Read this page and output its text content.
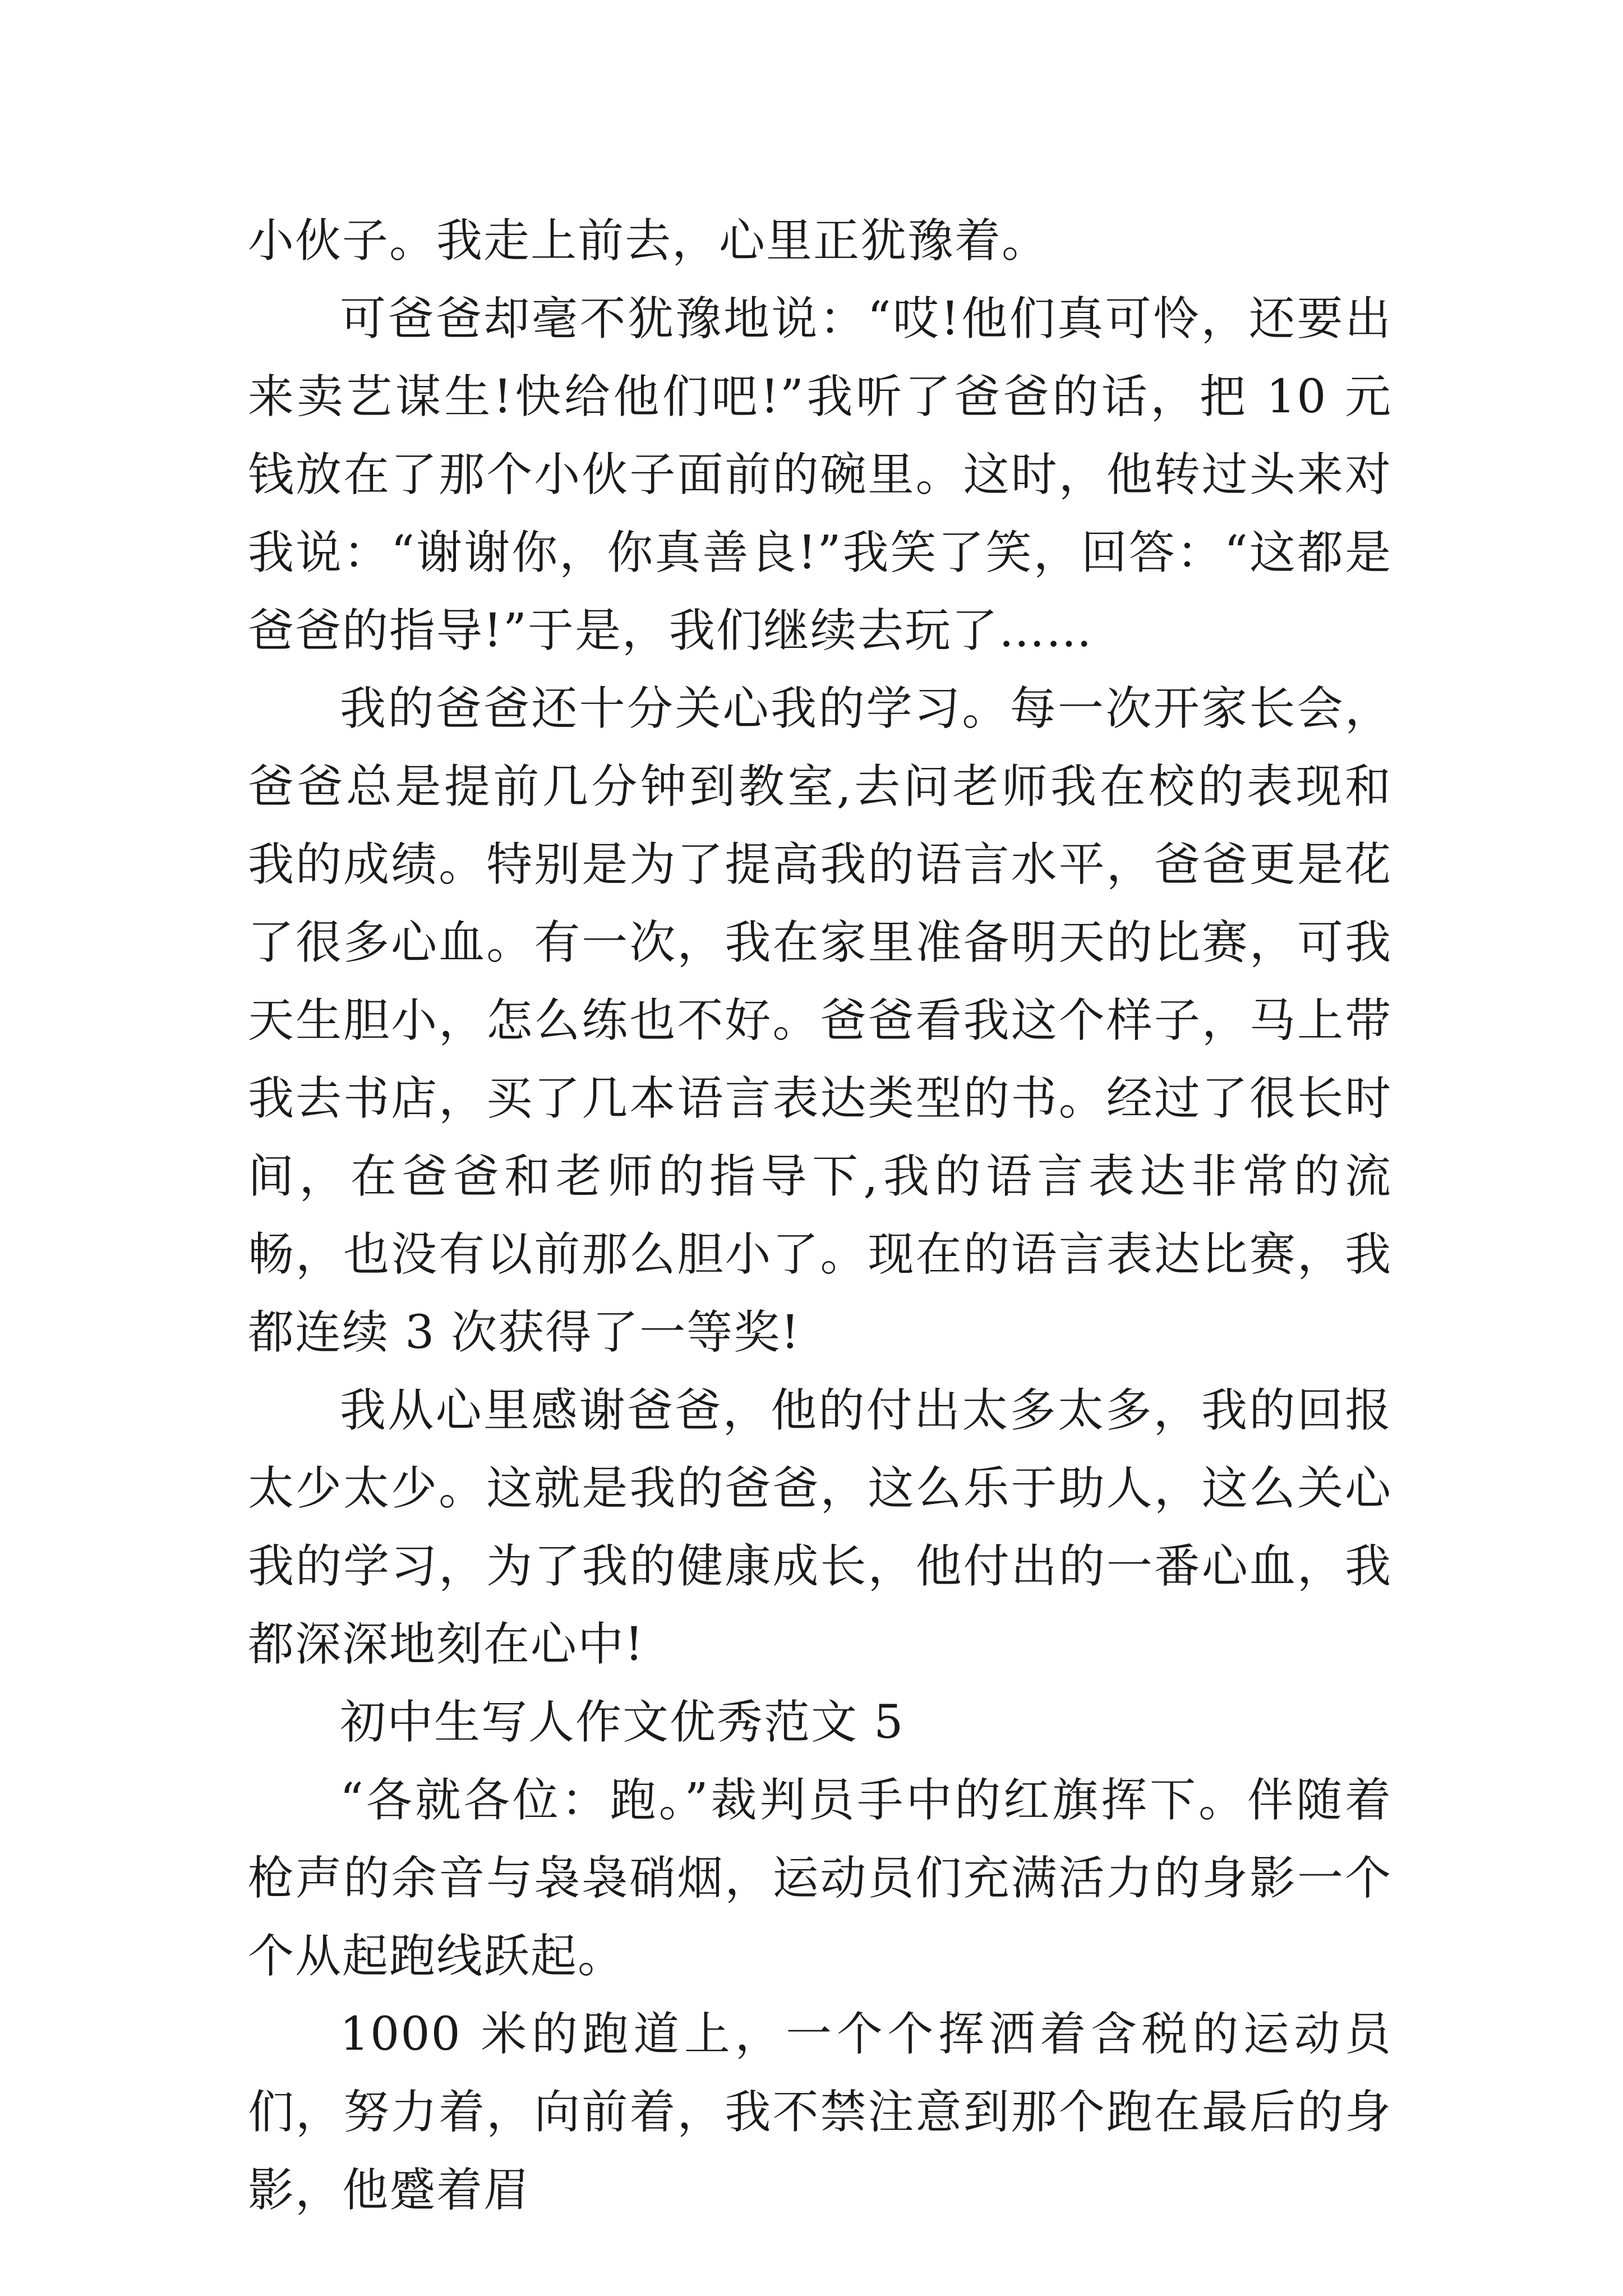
小伙子。我走上前去，心里正犹豫着。

可爸爸却毫不犹豫地说：“哎!他们真可怜，还要出来卖艺谋生!快给他们吧!”我听了爸爸的话，把 10 元钱放在了那个小伙子面前的碗里。这时，他转过头来对我说：“谢谢你，你真善良!”我笑了笑，回答：“这都是爸爸的指导!”于是，我们继续去玩了……

我的爸爸还十分关心我的学习。每一次开家长会，爸爸总是提前几分钟到教室,去问老师我在校的表现和我的成绩。特别是为了提高我的语言水平，爸爸更是花了很多心血。有一次，我在家里准备明天的比赛，可我天生胆小，怎么练也不好。爸爸看我这个样子，马上带我去书店，买了几本语言表达类型的书。经过了很长时间，在爸爸和老师的指导下,我的语言表达非常的流畅，也没有以前那么胆小了。现在的语言表达比赛，我都连续 3 次获得了一等奖!

我从心里感谢爸爸，他的付出太多太多，我的回报太少太少。这就是我的爸爸，这么乐于助人，这么关心我的学习，为了我的健康成长，他付出的一番心血，我都深深地刻在心中!

初中生写人作文优秀范文 5

“各就各位：跑。”裁判员手中的红旗挥下。伴随着枪声的余音与袅袅硝烟，运动员们充满活力的身影一个个从起跑线跃起。

1000 米的跑道上，一个个挥洒着含税的运动员们，努力着，向前着，我不禁注意到那个跑在最后的身影，他蹙着眉
